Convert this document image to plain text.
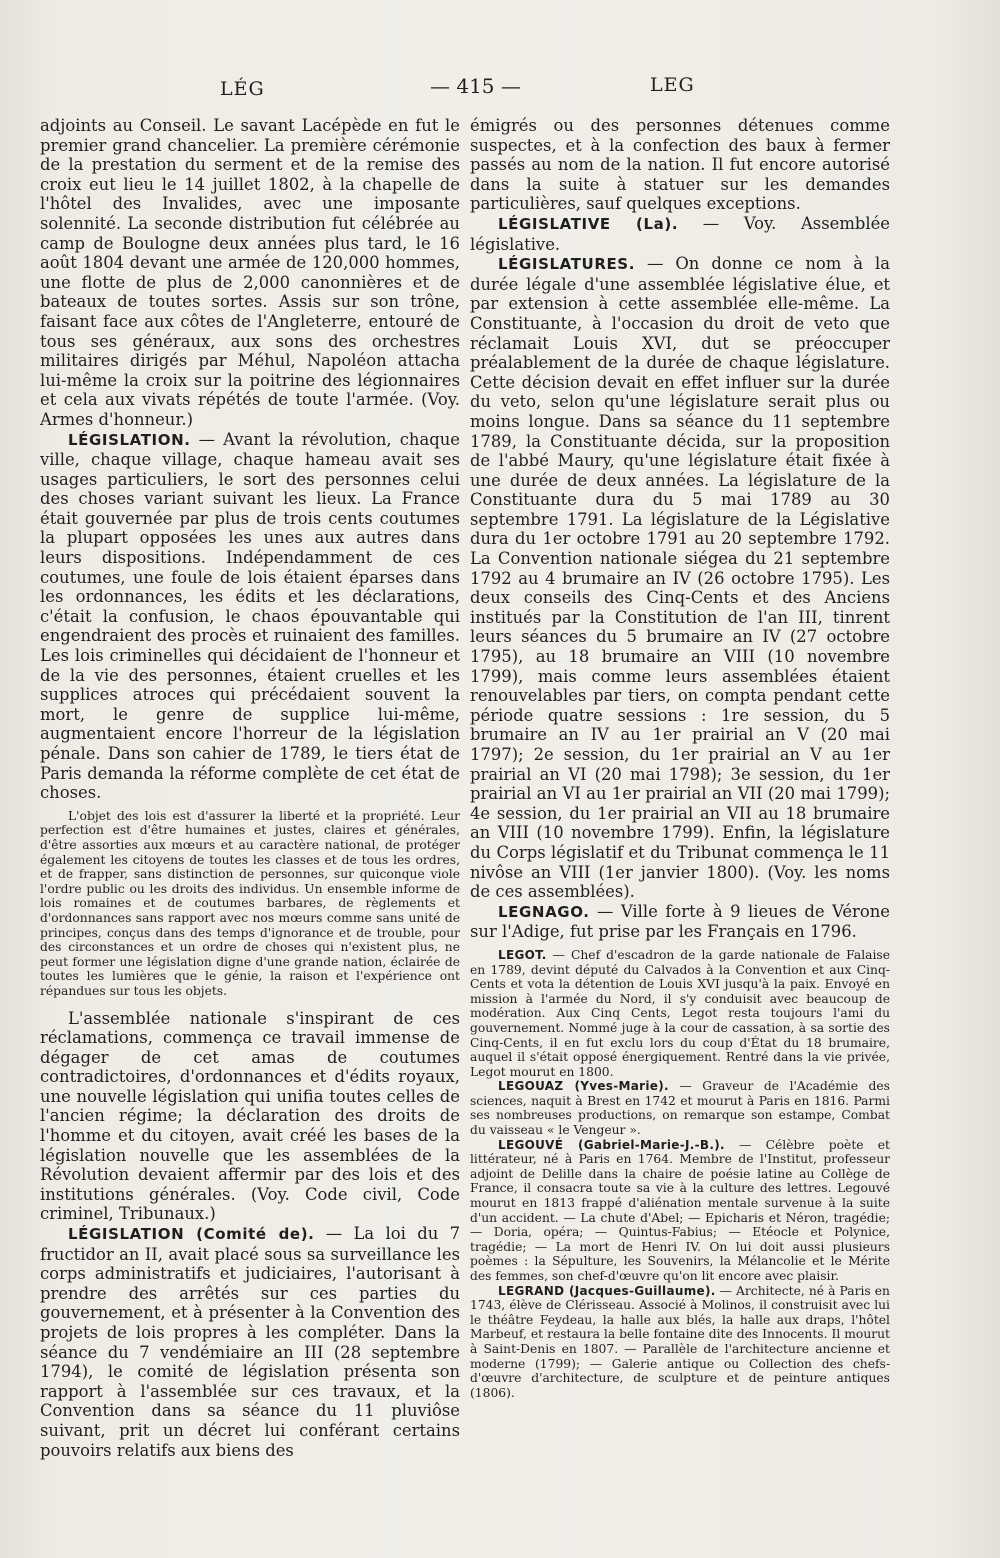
LÉG	— 415 —	LEG

adjoints au Conseil. Le savant Lacépède en fut le premier grand chancelier. La première cérémonie de la prestation du serment et de la remise des croix eut lieu le 14 juillet 1802, à la chapelle de l'hôtel des Invalides, avec une imposante solennité. La seconde distribution fut célébrée au camp de Boulogne deux années plus tard, le 16 août 1804 devant une armée de 120,000 hommes, une flotte de plus de 2,000 canonnières et de bateaux de toutes sortes. Assis sur son trône, faisant face aux côtes de l'Angleterre, entouré de tous ses généraux, aux sons des orchestres militaires dirigés par Méhul, Napoléon attacha lui-même la croix sur la poitrine des légionnaires et cela aux vivats répétés de toute l'armée. (Voy. Armes d'honneur.)

LÉGISLATION. — Avant la révolution, chaque ville, chaque village, chaque hameau avait ses usages particuliers, le sort des personnes celui des choses variant suivant les lieux. La France était gouvernée par plus de trois cents coutumes la plupart opposées les unes aux autres dans leurs dispositions. Indépendamment de ces coutumes, une foule de lois étaient éparses dans les ordonnances, les édits et les déclarations, c'était la confusion, le chaos épouvantable qui engendraient des procès et ruinaient des familles. Les lois criminelles qui décidaient de l'honneur et de la vie des personnes, étaient cruelles et les supplices atroces qui précédaient souvent la mort, le genre de supplice lui-même, augmentaient encore l'horreur de la législation pénale. Dans son cahier de 1789, le tiers état de Paris demanda la réforme complète de cet état de choses.

L'objet des lois est d'assurer la liberté et la propriété. Leur perfection est d'être humaines et justes, claires et générales, d'être assorties aux mœurs et au caractère national, de protéger également les citoyens de toutes les classes et de tous les ordres, et de frapper, sans distinction de personnes, sur quiconque viole l'ordre public ou les droits des individus. Un ensemble informe de lois romaines et de coutumes barbares, de règlements et d'ordonnances sans rapport avec nos mœurs comme sans unité de principes, conçus dans des temps d'ignorance et de trouble, pour des circonstances et un ordre de choses qui n'existent plus, ne peut former une législation digne d'une grande nation, éclairée de toutes les lumières que le génie, la raison et l'expérience ont répandues sur tous les objets.

L'assemblée nationale s'inspirant de ces réclamations, commença ce travail immense de dégager de cet amas de coutumes contradictoires, d'ordonnances et d'édits royaux, une nouvelle législation qui unifia toutes celles de l'ancien régime; la déclaration des droits de l'homme et du citoyen, avait créé les bases de la législation nouvelle que les assemblées de la Révolution devaient affermir par des lois et des institutions générales. (Voy. Code civil, Code criminel, Tribunaux.)

LÉGISLATION (Comité de). — La loi du 7 fructidor an II, avait placé sous sa surveillance les corps administratifs et judiciaires, l'autorisant à prendre des arrêtés sur ces parties du gouvernement, et à présenter à la Convention des projets de lois propres à les compléter. Dans la séance du 7 vendémiaire an III (28 septembre 1794), le comité de législation présenta son rapport à l'assemblée sur ces travaux, et la Convention dans sa séance du 11 pluviôse suivant, prit un décret lui conférant certains pouvoirs relatifs aux biens des

émigrés ou des personnes détenues comme suspectes, et à la confection des baux à fermer passés au nom de la nation. Il fut encore autorisé dans la suite à statuer sur les demandes particulières, sauf quelques exceptions.

LÉGISLATIVE (La). — Voy. Assemblée législative.

LÉGISLATURES. — On donne ce nom à la durée légale d'une assemblée législative élue, et par extension à cette assemblée elle-même. La Constituante, à l'occasion du droit de veto que réclamait Louis XVI, dut se préoccuper préalablement de la durée de chaque législature. Cette décision devait en effet influer sur la durée du veto, selon qu'une législature serait plus ou moins longue. Dans sa séance du 11 septembre 1789, la Constituante décida, sur la proposition de l'abbé Maury, qu'une législature était fixée à une durée de deux années. La législature de la Constituante dura du 5 mai 1789 au 30 septembre 1791. La législature de la Législative dura du 1er octobre 1791 au 20 septembre 1792. La Convention nationale siégea du 21 septembre 1792 au 4 brumaire an IV (26 octobre 1795). Les deux conseils des Cinq-Cents et des Anciens institués par la Constitution de l'an III, tinrent leurs séances du 5 brumaire an IV (27 octobre 1795), au 18 brumaire an VIII (10 novembre 1799), mais comme leurs assemblées étaient renouvelables par tiers, on compta pendant cette période quatre sessions : 1re session, du 5 brumaire an IV au 1er prairial an V (20 mai 1797); 2e session, du 1er prairial an V au 1er prairial an VI (20 mai 1798); 3e session, du 1er prairial an VI au 1er prairial an VII (20 mai 1799); 4e session, du 1er prairial an VII au 18 brumaire an VIII (10 novembre 1799). Enfin, la législature du Corps législatif et du Tribunat commença le 11 nivôse an VIII (1er janvier 1800). (Voy. les noms de ces assemblées).

LEGNAGO. — Ville forte à 9 lieues de Vérone sur l'Adige, fut prise par les Français en 1796.

LEGOT. — Chef d'escadron de la garde nationale de Falaise en 1789, devint député du Calvados à la Convention et aux Cinq-Cents et vota la détention de Louis XVI jusqu'à la paix. Envoyé en mission à l'armée du Nord, il s'y conduisit avec beaucoup de modération. Aux Cinq Cents, Legot resta toujours l'ami du gouvernement. Nommé juge à la cour de cassation, à sa sortie des Cinq-Cents, il en fut exclu lors du coup d'État du 18 brumaire, auquel il s'était opposé énergiquement. Rentré dans la vie privée, Legot mourut en 1800.

LEGOUAZ (Yves-Marie). — Graveur de l'Académie des sciences, naquit à Brest en 1742 et mourut à Paris en 1816. Parmi ses nombreuses productions, on remarque son estampe, Combat du vaisseau « le Vengeur ».

LEGOUVÉ (Gabriel-Marie-J.-B.). — Célèbre poète et littérateur, né à Paris en 1764. Membre de l'Institut, professeur adjoint de Delille dans la chaire de poésie latine au Collège de France, il consacra toute sa vie à la culture des lettres. Legouvé mourut en 1813 frappé d'aliénation mentale survenue à la suite d'un accident. — La chute d'Abel; — Epicharis et Néron, tragédie; — Doria, opéra; — Quintus-Fabius; — Etéocle et Polynice, tragédie; — La mort de Henri IV. On lui doit aussi plusieurs poèmes : la Sépulture, les Souvenirs, la Mélancolie et le Mérite des femmes, son chef-d'œuvre qu'on lit encore avec plaisir.

LEGRAND (Jacques-Guillaume). — Architecte, né à Paris en 1743, élève de Clérisseau. Associé à Molinos, il construisit avec lui le théâtre Feydeau, la halle aux blés, la halle aux draps, l'hôtel Marbeuf, et restaura la belle fontaine dite des Innocents. Il mourut à Saint-Denis en 1807. — Parallèle de l'architecture ancienne et moderne (1799); — Galerie antique ou Collection des chefs-d'œuvre d'architecture, de sculpture et de peinture antiques (1806).
